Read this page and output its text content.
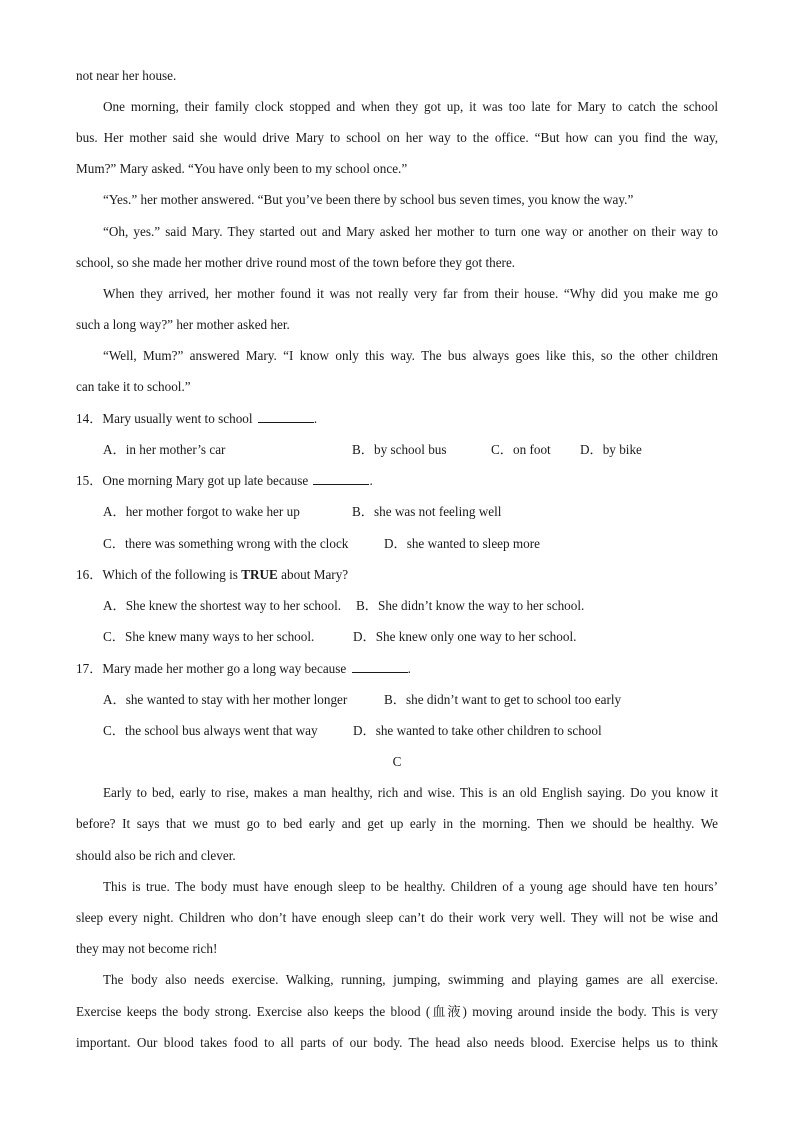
not near her house.
One morning, their family clock stopped and when they got up, it was too late for Mary to catch the school
bus. Her mother said she would drive Mary to school on her way to the office. “But how can you find the way,
Mum?” Mary asked. “You have only been to my school once.”
“Yes.” her mother answered. “But you’ve been there by school bus seven times, you know the way.”
“Oh, yes.” said Mary. They started out and Mary asked her mother to turn one way or another on their way to
school, so she made her mother drive round most of the town before they got there.
When they arrived, her mother found it was not really very far from their house. “Why did you make me go
such a long way?” her mother asked her.
“Well, Mum?” answered Mary. “I know only this way. The bus always goes like this, so the other children
can take it to school.”
14．Mary usually went to school	.
A．in her mother’s car	B．by school bus	C．on foot D．by bike
15．One morning Mary got up late because	.
A．her mother forgot to wake her up	B．she was not feeling well
C．there was something wrong with the clock	D．she wanted to sleep more
16．Which of the following is TRUE about Mary?
A．She knew the shortest way to her school. B．She didn’t know the way to her school.
C．She knew many ways to her school.	D．She knew only one way to her school.
17．Mary made her mother go a long way because	.
A．she wanted to stay with her mother longer	B．she didn’t want to get to school too early
C．the school bus always went that way	D．she wanted to take other children to school
C
Early to bed, early to rise, makes a man healthy, rich and wise. This is an old English saying. Do you know it
before? It says that we must go to bed early and get up early in the morning. Then we should be healthy. We
should also be rich and clever.
This is true. The body must have enough sleep to be healthy. Children of a young age should have ten hours’
sleep every night. Children who don’t have enough sleep can’t do their work very well. They will not be wise and
they may not become rich!
The body also needs exercise. Walking, running, jumping, swimming and playing games are all exercise.
Exercise keeps the body strong. Exercise also keeps the blood (血液) moving around inside the body. This is very
important. Our blood takes food to all parts of our body. The head also needs blood. Exercise helps us to think
